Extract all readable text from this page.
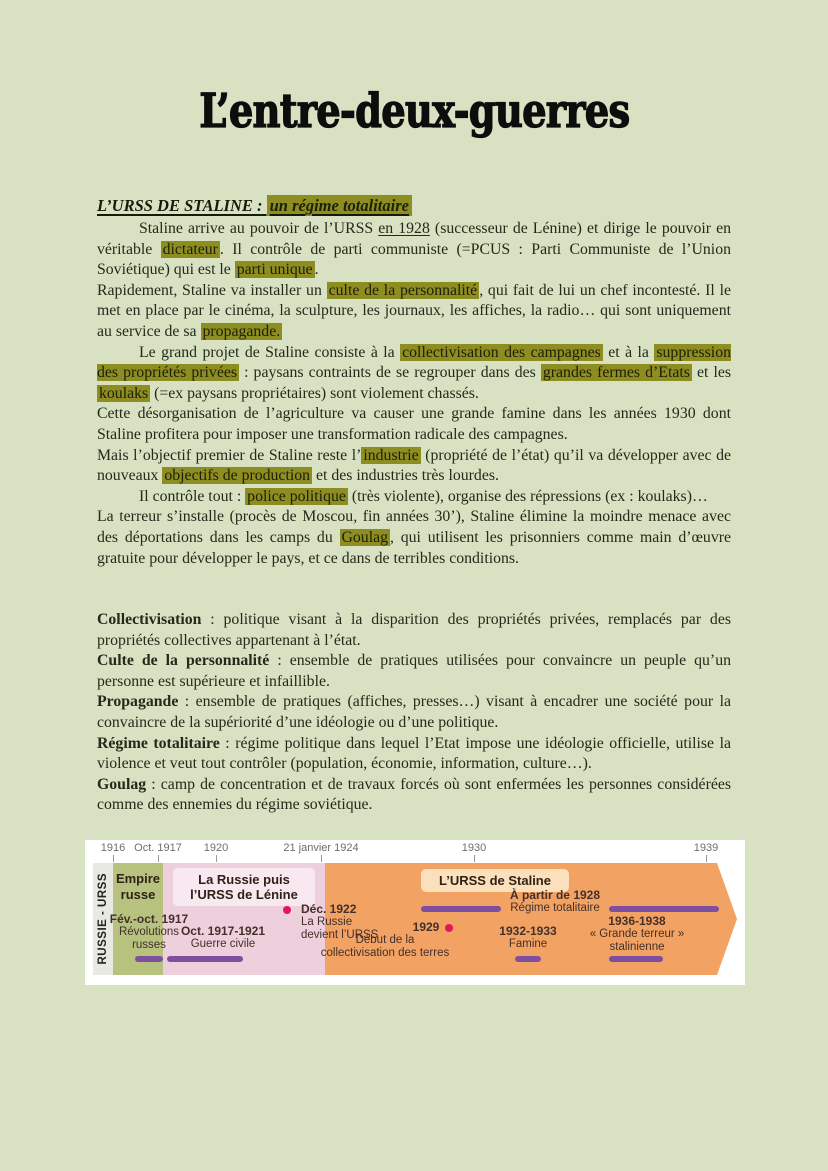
L’entre-deux-guerres
L’URSS DE STALINE : un régime totalitaire
Staline arrive au pouvoir de l’URSS en 1928 (successeur de Lénine) et dirige le pouvoir en véritable dictateur . Il contrôle de parti communiste (=PCUS : Parti Communiste de l’Union Soviétique) qui est le parti unique .
Rapidement, Staline va installer un culte de la personnalité , qui fait de lui un chef incontesté. Il le met en place par le cinéma, la sculpture, les journaux, les affiches, la radio… qui sont uniquement au service de sa propagande.
Le grand projet de Staline consiste à la collectivisation des campagnes et à la suppression des propriétés privées : paysans contraints de se regrouper dans des grandes fermes d’Etats et les koulaks (=ex paysans propriétaires) sont violement chassés.
Cette désorganisation de l’agriculture va causer une grande famine dans les années 1930 dont Staline profitera pour imposer une transformation radicale des campagnes.
Mais l’objectif premier de Staline reste l’ industrie (propriété de l’état) qu’il va développer avec de nouveaux objectifs de production et des industries très lourdes.
Il contrôle tout : police politique (très violente), organise des répressions (ex : koulaks)…
La terreur s’installe (procès de Moscou, fin années 30’), Staline élimine la moindre menace avec des déportations dans les camps du Goulag , qui utilisent les prisonniers comme main d’œuvre gratuite pour développer le pays, et ce dans de terribles conditions.
Collectivisation : politique visant à la disparition des propriétés privées, remplacés par des propriétés collectives appartenant à l’état.
Culte de la personnalité : ensemble de pratiques utilisées pour convaincre un peuple qu’un personne est supérieure et infaillible.
Propagande : ensemble de pratiques (affiches, presses…) visant à encadrer une société pour la convaincre de la supériorité d’une idéologie ou d’une politique.
Régime totalitaire : régime politique dans lequel l’Etat impose une idéologie officielle, utilise la violence et veut tout contrôler (population, économie, information, culture…).
Goulag : camp de concentration et de travaux forcés où sont enfermées les personnes considérées comme des ennemies du régime soviétique.
1916 Oct. 1917 1920	21 janvier 1924	1930	1939
RUSSIE - URSS Empire russe
La Russie puis l’URSS de Lénine
L’URSS de Staline
Fév.-oct. 1917
Révolutions
russes
Oct. 1917-1921
Guerre civile
Déc. 1922
La Russie
devient l’URSS
1929
Début de la
collectivisation des terres
À partir de 1928
Régime totalitaire
1932-1933
Famine
1936-1938
« Grande terreur »
stalinienne
